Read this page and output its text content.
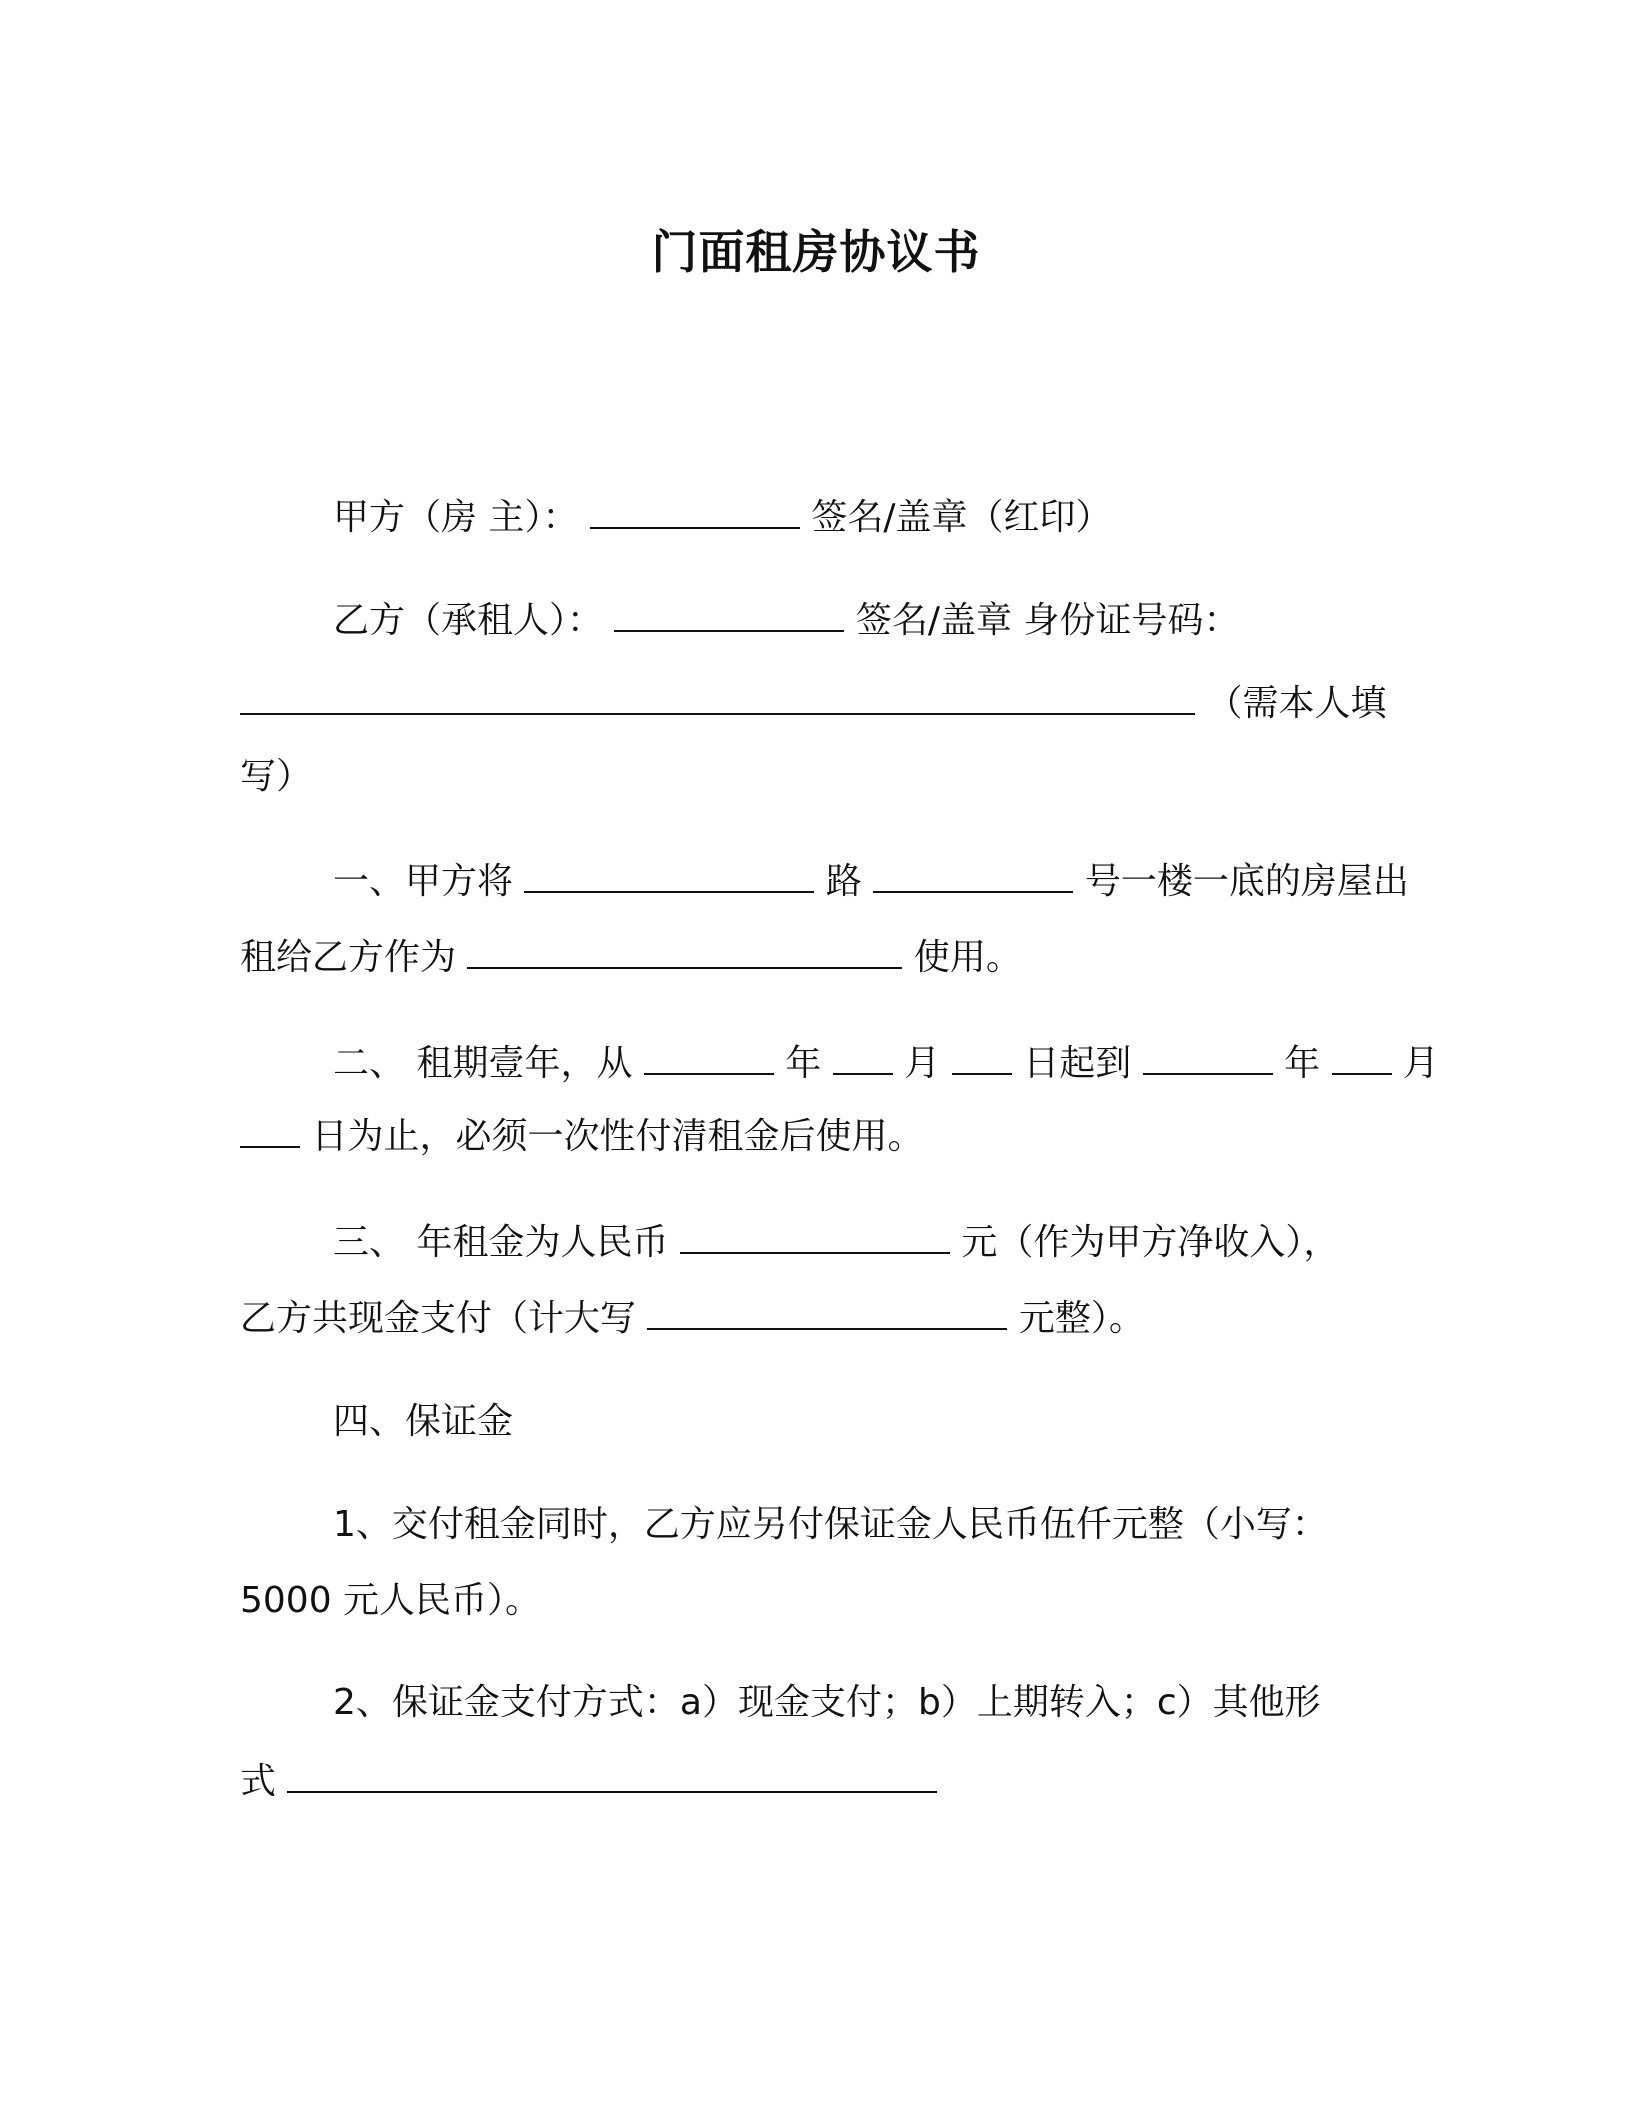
门面租房协议书
甲方（房 主）：	签名/盖章（红印）
乙方（承租人）：	签名/盖章 身份证号码：
（需本人填
写）
一、甲方将	路	号一楼一底的房屋出
租给乙方作为	使用。
二、 租期壹年，从	年 月 日起到	年 月
日为止，必须一次性付清租金后使用。
三、 年租金为人民币	元（作为甲方净收入），
乙方共现金支付（计大写	元整）。
四、保证金
1、交付租金同时，乙方应另付保证金人民币伍仟元整（小写：
5000 元人民币）。
2、保证金支付方式：a）现金支付；b）上期转入；c）其他形
式
